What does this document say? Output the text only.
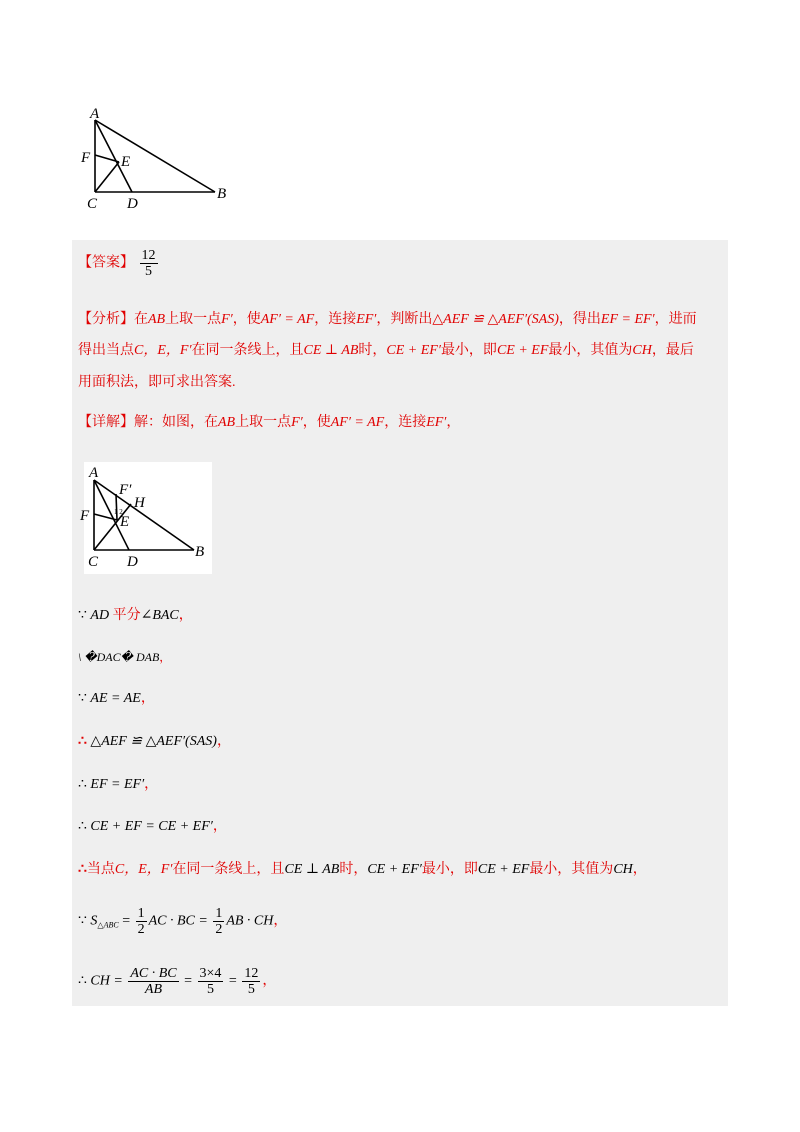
A
F E
C D
B
【答案】 $\frac{12}{5}$
【分析】在AB上取一点F′，使AF′ = AF，连接EF′，判断出△AEF ≌ △AEF′(SAS)，得出EF = EF′，进而
得出当点C，E，F′在同一条线上，且CE ⊥ AB时，CE + EF′最小，即CE + EF最小，其值为CH，最后
用面积法，即可求出答案.
【详解】解：如图，在AB上取一点F′，使AF′ = AF，连接EF′，
A
F′
H
F E
C D
B
1 2
∵ AD 平分∠BAC，
\ �DAC� DAB，
∵ AE = AE，
∴ △AEF ≌ △AEF′(SAS)，
∴ EF = EF′，
∴ CE + EF = CE + EF′，
∴当点C，E，F′在同一条线上，且CE ⊥ AB时，CE + EF′最小，即CE + EF最小，其值为CH，
∵ $S_{\triangle ABC} = \frac{1}{2}$ AC · BC = $\frac{1}{2}$ AB · CH，
∴ CH = $\frac{AC \cdot BC}{AB} = \frac{3\times 4}{5} = \frac{12}{5}$ ，
